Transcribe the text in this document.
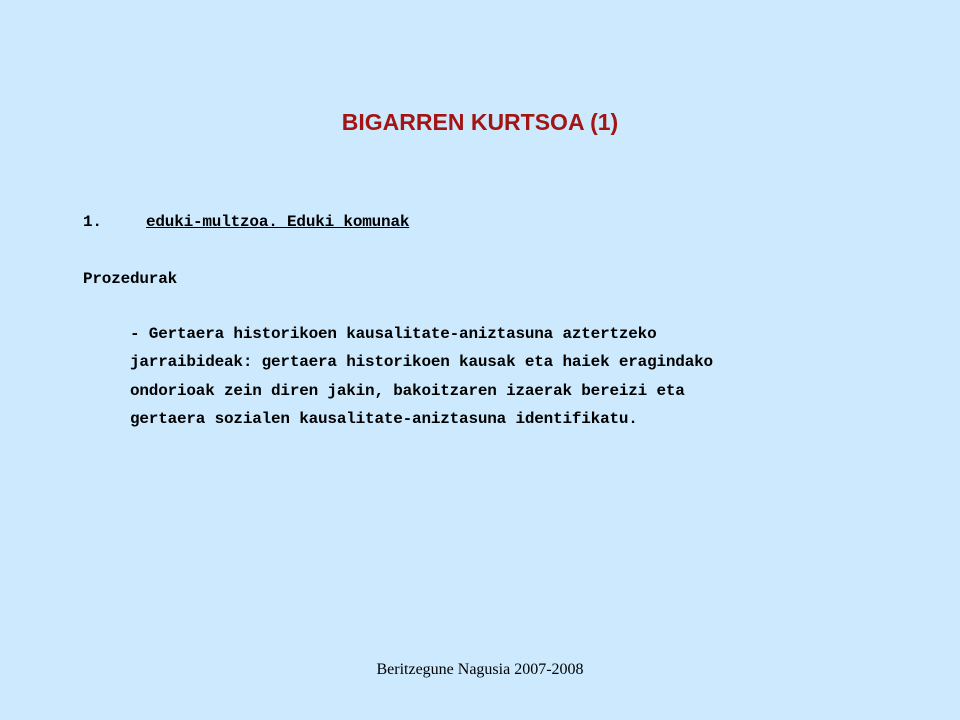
BIGARREN KURTSOA (1)
1.	eduki-multzoa. Eduki komunak
Prozedurak
- Gertaera historikoen kausalitate-aniztasuna aztertzeko
jarraibideak: gertaera historikoen kausak eta haiek eragindako
ondorioak zein diren jakin, bakoitzaren izaerak bereizi eta
gertaera sozialen kausalitate-aniztasuna identifikatu.
Beritzegune Nagusia 2007-2008
